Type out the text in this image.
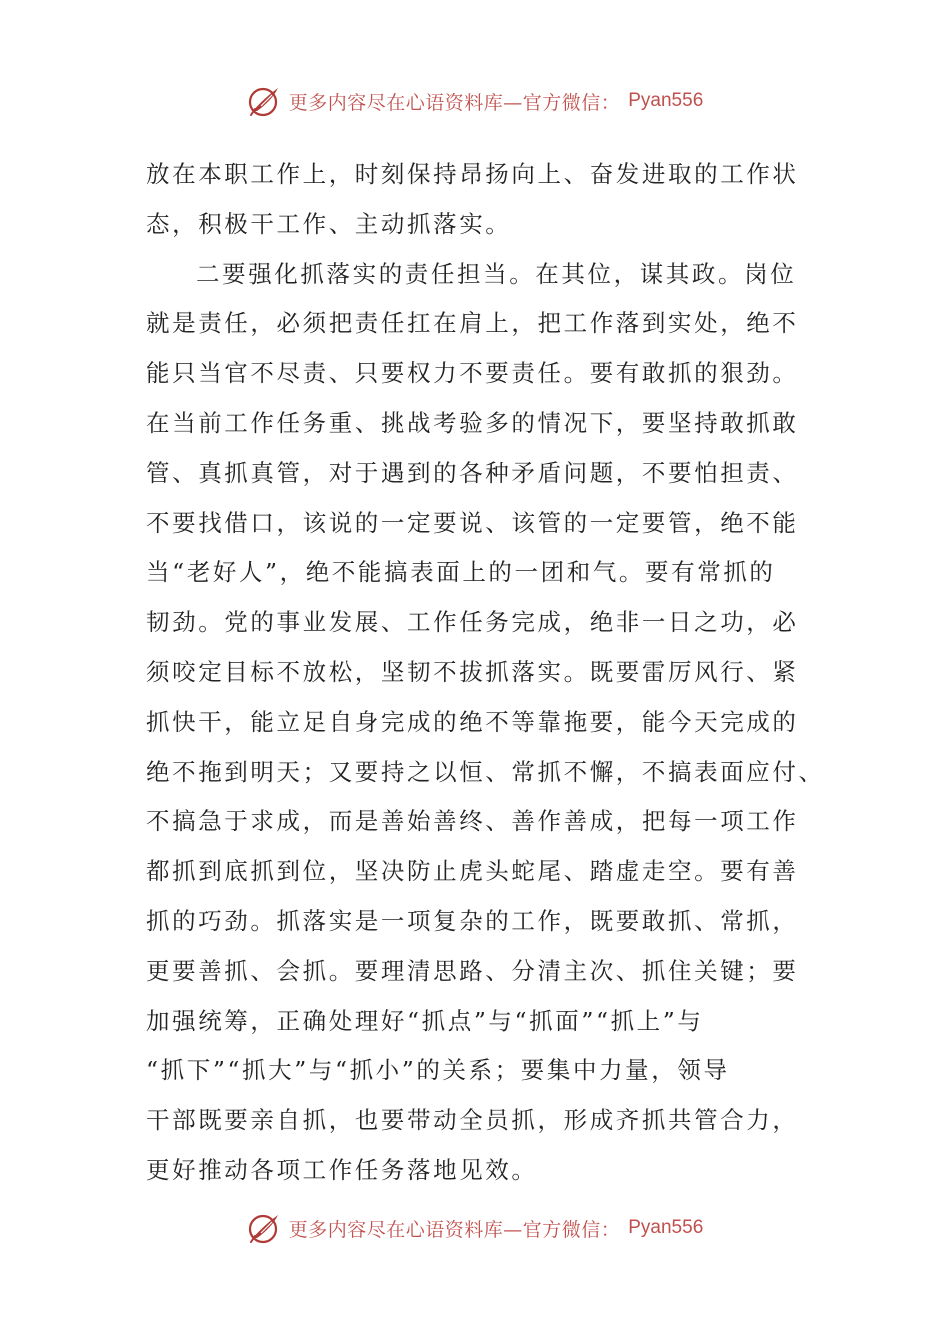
更多内容尽在心语资料库—官方微信： Pyan556
放在本职工作上，时刻保持昂扬向上、奋发进取的工作状
态，积极干工作、主动抓落实。
二要强化抓落实的责任担当。在其位，谋其政。岗位
就是责任，必须把责任扛在肩上，把工作落到实处，绝不
能只当官不尽责、只要权力不要责任。要有敢抓的狠劲。
在当前工作任务重、挑战考验多的情况下，要坚持敢抓敢
管、真抓真管，对于遇到的各种矛盾问题，不要怕担责、
不要找借口，该说的一定要说、该管的一定要管，绝不能
当“老好人”，绝不能搞表面上的一团和气。要有常抓的
韧劲。党的事业发展、工作任务完成，绝非一日之功，必
须咬定目标不放松，坚韧不拔抓落实。既要雷厉风行、紧
抓快干，能立足自身完成的绝不等靠拖要，能今天完成的
绝不拖到明天；又要持之以恒、常抓不懈，不搞表面应付、
不搞急于求成，而是善始善终、善作善成，把每一项工作
都抓到底抓到位，坚决防止虎头蛇尾、踏虚走空。要有善
抓的巧劲。抓落实是一项复杂的工作，既要敢抓、常抓，
更要善抓、会抓。要理清思路、分清主次、抓住关键；要
加强统筹，正确处理好“抓点”与“抓面”“抓上”与
“抓下”“抓大”与“抓小”的关系；要集中力量，领导
干部既要亲自抓，也要带动全员抓，形成齐抓共管合力，
更好推动各项工作任务落地见效。
更多内容尽在心语资料库—官方微信： Pyan556
